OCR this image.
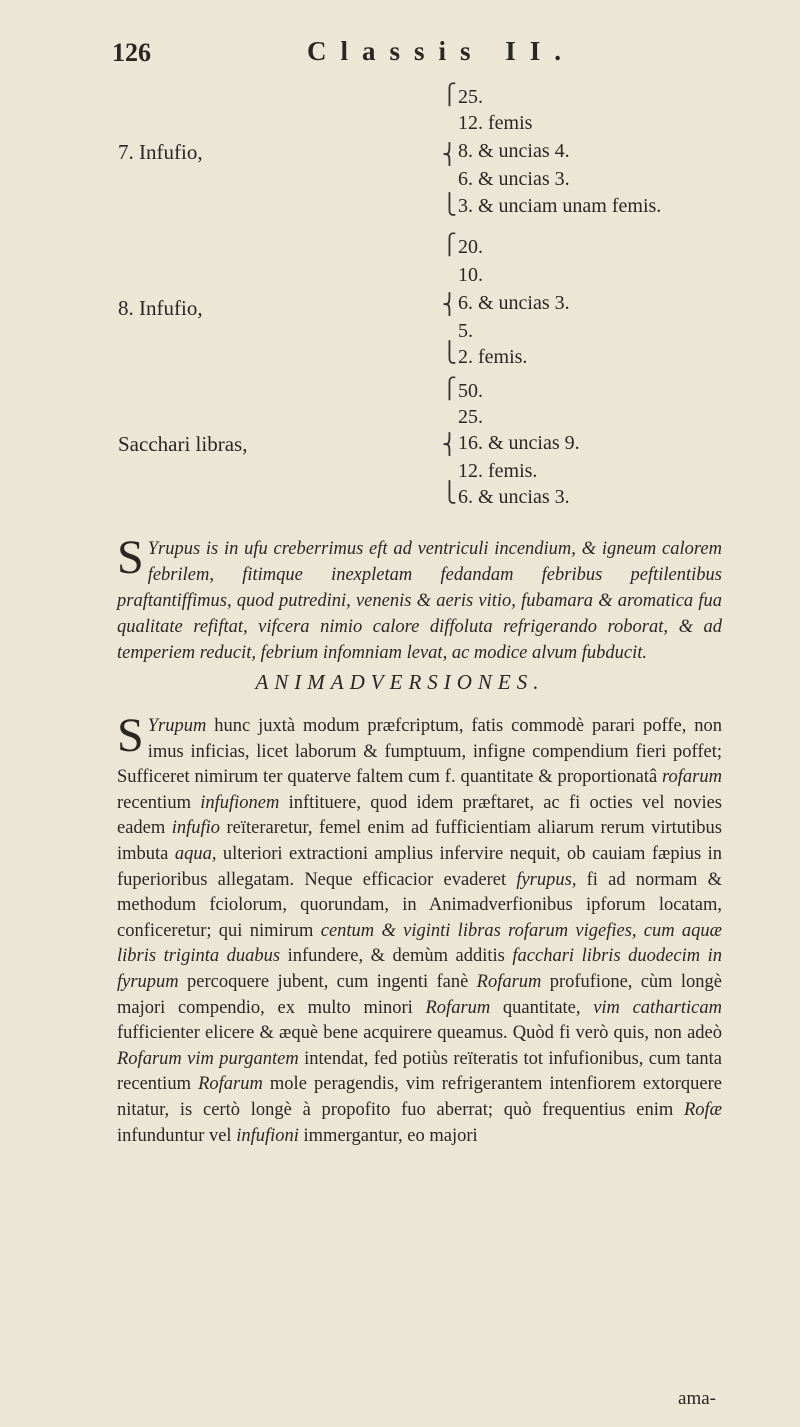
126	Classis II.
7. Infufio,
⎧
⎨
⎩
25.
12. femis
8. & uncias 4.
6. & uncias 3.
3. & unciam unam femis.
8. Infufio,
⎧
⎨
⎩
20.
10.
6. & uncias 3.
5.
2. femis.
Sacchari libras,
⎧
⎨
⎩
50.
25.
16. & uncias 9.
12. femis.
6. & uncias 3.
S Yrupus is in ufu creberrimus eft ad ventriculi incendium, & igneum calorem febrilem, fitimque inexpletam fedandam febribus peftilentibus praftantiffimus, quod putredini, venenis & aeris vitio, fubamara & aromatica fua qualitate refiftat, vifcera nimio calore diffoluta refrigerando roborat, & ad temperiem reducit, febrium infomniam levat, ac modice alvum fubducit.
ANIMADVERSIONES.
S Yrupum hunc juxtà modum præfcriptum, fatis commodè parari poffe, non imus inficias, licet laborum & fumptuum, infigne compendium fieri poffet; Sufficeret nimirum ter quaterve faltem cum f. quantitate & proportionatâ rofarum recentium infufionem inftituere, quod idem præftaret, ac fi octies vel novies eadem infufio reïteraretur, femel enim ad fufficientiam aliarum rerum virtutibus imbuta aqua, ulteriori extractioni amplius infervire nequit, ob cauiam fæpius in fuperioribus allegatam. Neque efficacior evaderet fyrupus, fi ad normam & methodum fciolorum, quorundam, in Animadverfionibus ipforum locatam, conficeretur; qui nimirum centum & viginti libras rofarum vigefies, cum aquæ libris triginta duabus infundere, & demùm additis facchari libris duodecim in fyrupum percoquere jubent, cum ingenti fanè Rofarum profufione, cùm longè majori compendio, ex multo minori Rofarum quantitate, vim catharticam fufficienter elicere & æquè bene acquirere queamus. Quòd fi verò quis, non adeò Rofarum vim purgantem intendat, fed potiùs reïteratis tot infufionibus, cum tanta recentium Rofarum mole peragendis, vim refrigerantem intenfiorem extorquere nitatur, is certò longè à propofito fuo aberrat; quò frequentius enim Rofæ infunduntur vel infufioni immergantur, eo majori
ama-
